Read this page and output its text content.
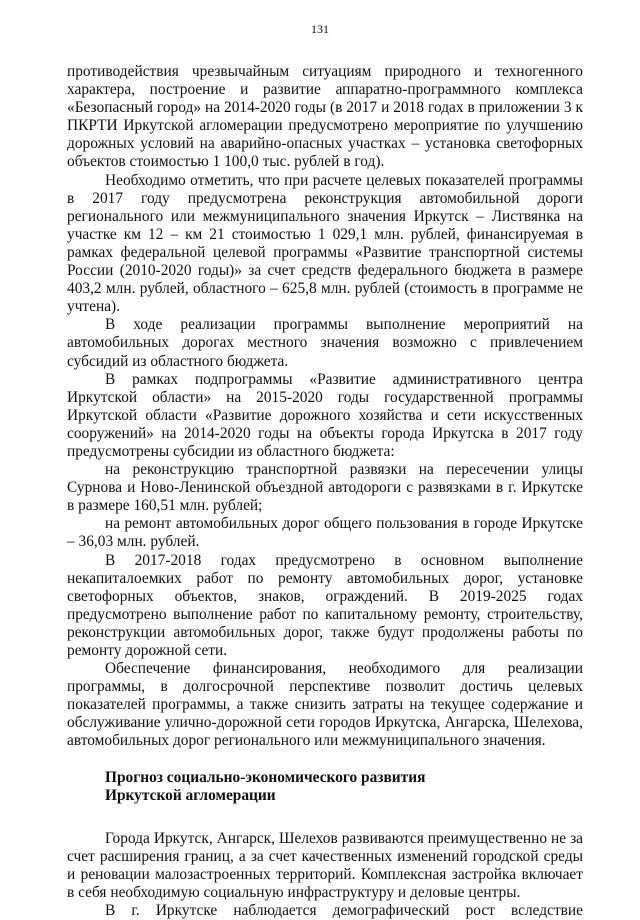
131

противодействия чрезвычайным ситуациям природного и техногенного характера, построение и развитие аппаратно-программного комплекса «Безопасный город» на 2014-2020 годы (в 2017 и 2018 годах в приложении 3 к ПКРТИ Иркутской агломерации предусмотрено мероприятие по улучшению дорожных условий на аварийно-опасных участках – установка светофорных объектов стоимостью 1 100,0 тыс. рублей в год).

Необходимо отметить, что при расчете целевых показателей программы в 2017 году предусмотрена реконструкция автомобильной дороги регионального или межмуниципального значения Иркутск – Листвянка на участке км 12 – км 21 стоимостью 1 029,1 млн. рублей, финансируемая в рамках федеральной целевой программы «Развитие транспортной системы России (2010-2020 годы)» за счет средств федерального бюджета в размере 403,2 млн. рублей, областного – 625,8 млн. рублей (стоимость в программе не учтена).

В ходе реализации программы выполнение мероприятий на автомобильных дорогах местного значения возможно с привлечением субсидий из областного бюджета.

В рамках подпрограммы «Развитие административного центра Иркутской области» на 2015-2020 годы государственной программы Иркутской области «Развитие дорожного хозяйства и сети искусственных сооружений» на 2014-2020 годы на объекты города Иркутска в 2017 году предусмотрены субсидии из областного бюджета:

на реконструкцию транспортной развязки на пересечении улицы Сурнова и Ново-Ленинской объездной автодороги с развязками в г. Иркутске в размере 160,51 млн. рублей;

на ремонт автомобильных дорог общего пользования в городе Иркутске – 36,03 млн. рублей.

В 2017-2018 годах предусмотрено в основном выполнение некапиталоемких работ по ремонту автомобильных дорог, установке светофорных объектов, знаков, ограждений. В 2019-2025 годах предусмотрено выполнение работ по капитальному ремонту, строительству, реконструкции автомобильных дорог, также будут продолжены работы по ремонту дорожной сети.

Обеспечение финансирования, необходимого для реализации программы, в долгосрочной перспективе позволит достичь целевых показателей программы, а также снизить затраты на текущее содержание и обслуживание улично-дорожной сети городов Иркутска, Ангарска, Шелехова, автомобильных дорог регионального или межмуниципального значения.

Прогноз социально-экономического развития

Иркутской агломерации

Города Иркутск, Ангарск, Шелехов развиваются преимущественно не за счет расширения границ, а за счет качественных изменений городской среды и реновации малозастроенных территорий. Комплексная застройка включает в себя необходимую социальную инфраструктуру и деловые центры.

В г. Иркутске наблюдается демографический рост вследствие
